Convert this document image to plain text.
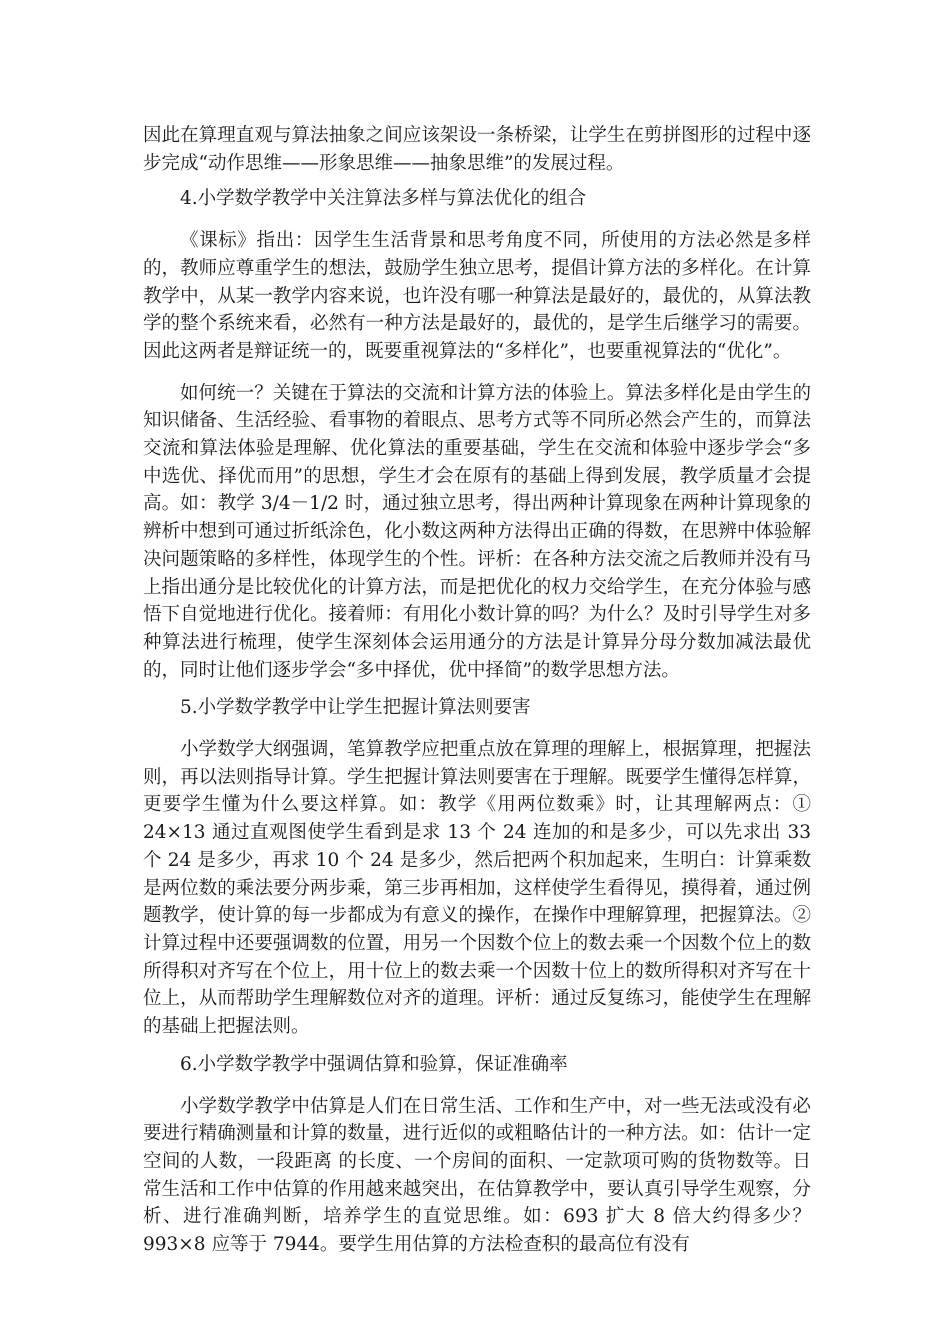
因此在算理直观与算法抽象之间应该架设一条桥梁，让学生在剪拼图形的过程中逐步完成“动作思维——形象思维——抽象思维”的发展过程。

4.小学数学教学中关注算法多样与算法优化的组合

《课标》指出：因学生生活背景和思考角度不同，所使用的方法必然是多样的，教师应尊重学生的想法，鼓励学生独立思考，提倡计算方法的多样化。在计算教学中，从某一教学内容来说，也许没有哪一种算法是最好的，最优的，从算法教学的整个系统来看，必然有一种方法是最好的，最优的，是学生后继学习的需要。因此这两者是辩证统一的，既要重视算法的“多样化”，也要重视算法的“优化”。

如何统一？关键在于算法的交流和计算方法的体验上。算法多样化是由学生的知识储备、生活经验、看事物的着眼点、思考方式等不同所必然会产生的，而算法交流和算法体验是理解、优化算法的重要基础，学生在交流和体验中逐步学会“多中选优、择优而用”的思想，学生才会在原有的基础上得到发展，教学质量才会提高。如：教学 3/4－1/2 时，通过独立思考，得出两种计算现象在两种计算现象的辨析中想到可通过折纸涂色，化小数这两种方法得出正确的得数，在思辨中体验解决问题策略的多样性，体现学生的个性。评析：在各种方法交流之后教师并没有马上指出通分是比较优化的计算方法，而是把优化的权力交给学生，在充分体验与感悟下自觉地进行优化。接着师：有用化小数计算的吗？为什么？及时引导学生对多种算法进行梳理，使学生深刻体会运用通分的方法是计算异分母分数加减法最优的，同时让他们逐步学会“多中择优，优中择简”的数学思想方法。

5.小学数学教学中让学生把握计算法则要害

小学数学大纲强调，笔算教学应把重点放在算理的理解上，根据算理，把握法则，再以法则指导计算。学生把握计算法则要害在于理解。既要学生懂得怎样算，更要学生懂为什么要这样算。如：教学《用两位数乘》时，让其理解两点：① 24×13 通过直观图使学生看到是求 13 个 24 连加的和是多少，可以先求出 33 个 24 是多少，再求 10 个 24 是多少，然后把两个积加起来，生明白：计算乘数是两位数的乘法要分两步乘，第三步再相加，这样使学生看得见，摸得着，通过例题教学，使计算的每一步都成为有意义的操作，在操作中理解算理，把握算法。②计算过程中还要强调数的位置，用另一个因数个位上的数去乘一个因数个位上的数所得积对齐写在个位上，用十位上的数去乘一个因数十位上的数所得积对齐写在十位上，从而帮助学生理解数位对齐的道理。评析：通过反复练习，能使学生在理解的基础上把握法则。

6.小学数学教学中强调估算和验算，保证准确率

小学数学教学中估算是人们在日常生活、工作和生产中，对一些无法或没有必要进行精确测量和计算的数量，进行近似的或粗略估计的一种方法。如：估计一定空间的人数，一段距离 的长度、一个房间的面积、一定款项可购的货物数等。日常生活和工作中估算的作用越来越突出，在估算教学中，要认真引导学生观察，分析、进行准确判断，培养学生的直觉思维。如：693 扩大 8 倍大约得多少？993×8 应等于 7944。要学生用估算的方法检查积的最高位有没有
